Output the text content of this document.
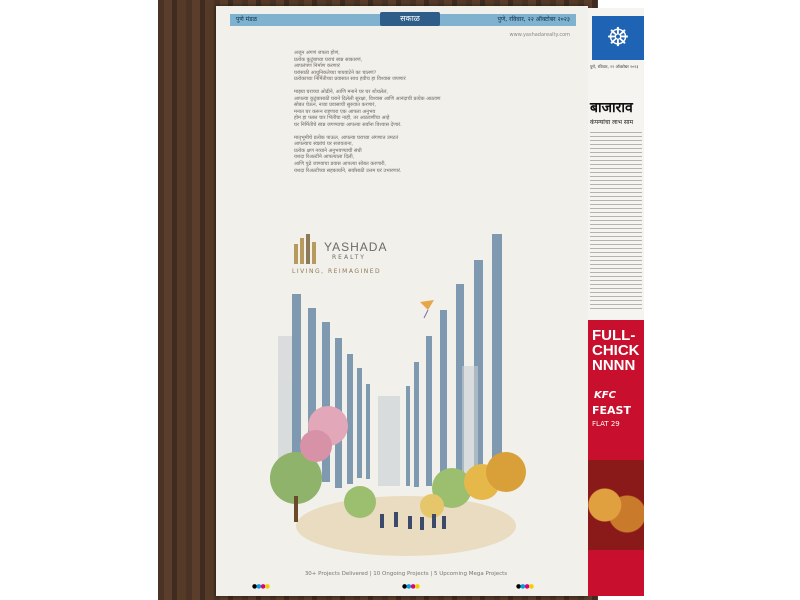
पुणे मंडळ	सकाळ	पुणे, रविवार, २२ ऑक्टोबर २०२३
www.yashadarealty.com

अजून अंगणं जपला होणं,
प्रत्येक कुटुंबाच्या घराचं स्वप्न साकारणं,
आपलंपण निर्माण करणारं
घरांसाठी आधुनिकतेच्या पायवाटेने का चालणं?
प्रत्येकाच्या निर्मितीच्या प्रवासात साथ हवीच हा विश्वास जपणारं

माझ्या घराच्या ओढीने, आणि मनाने घर घर शोधलेलं,
आपल्या कुटुंबासाठी घराने दिलेली सुरक्षा, विश्वास आणि आनंदाची प्रत्येक आठवण
सोबत घेऊन, नव्या प्रवासाची सुरुवात करणारं,
मनात घर करून राहणारा एक आपला अनुभव
होम हा फक्त चार भिंतींचा नाही, तर आठवणींचा आहे
घर निर्मितीचे स्वप्न जगण्याचा आपल्या सर्वांना विश्वास देणारं.

मातृभूमीचे प्रत्येक पाऊल, आपल्या घराच्या अंगणात उमटतं
आपल्याच स्वप्नांचं घर सजवताना,
प्रत्येक क्षण नव्याने अनुभवण्याची संधी
यशदा रिअल्टीने आपल्याला दिली,
आणि पुढे जाण्याचा प्रवास आपल्या सोबत करणारी,
यशदा रिअल्टीच्या सहकार्याने, सर्वांसाठी उत्तम घरं उभारणारं.

YASHADA
REALTY
LIVING, REIMAGINED
30+ Projects Delivered | 10 Ongoing Projects | 5 Upcoming Mega Projects
●●●●	●●●●	●●●●
☸
पुणे, रविवार, २२ ऑक्टोबर २०२३
बाजाराव
कंपन्यांचा लाभ साम
FULL-
CHICK
NNNN
KFC
FEAST
FLAT 29
